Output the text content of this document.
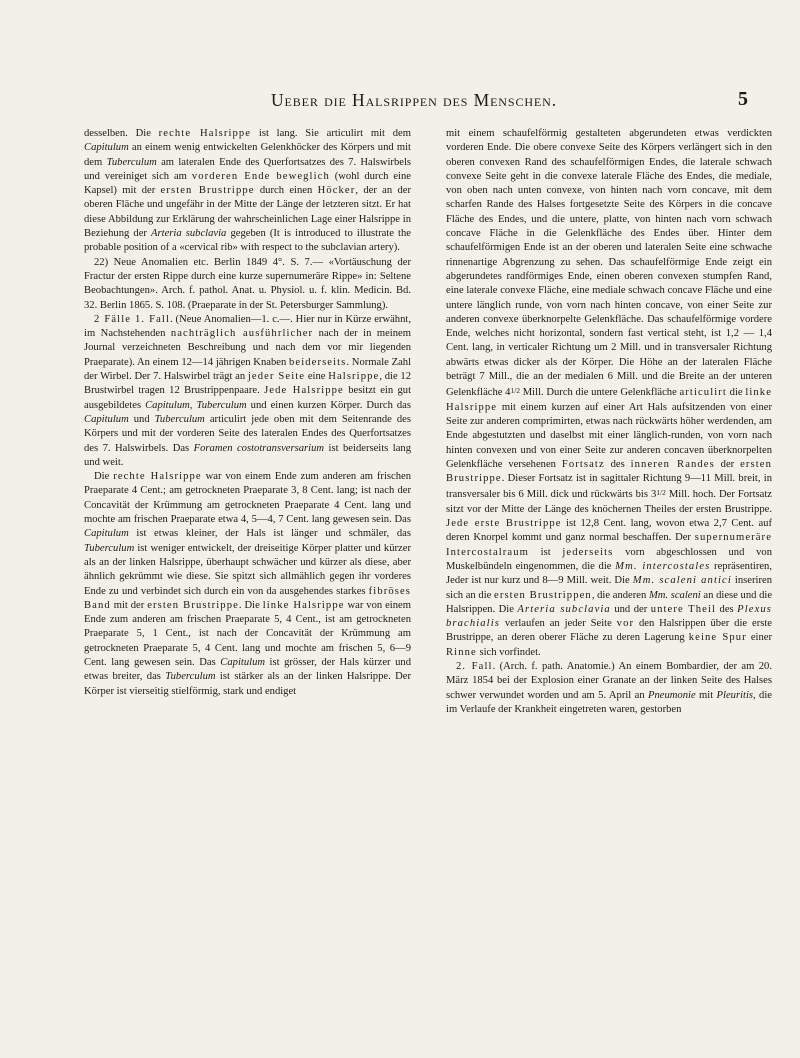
Ueber die Halsrippen des Menschen.	5

desselben. Die rechte Halsrippe ist lang. Sie articulirt mit dem Capitulum an einem wenig entwickelten Gelenkhöcker des Körpers und mit dem Tuberculum am lateralen Ende des Querfortsatzes des 7. Halswirbels und vereiniget sich am vorderen Ende beweglich (wohl durch eine Kapsel) mit der ersten Brustrippe durch einen Höcker, der an der oberen Fläche und ungefähr in der Mitte der Länge der letzteren sitzt. Er hat diese Abbildung zur Erklärung der wahrscheinlichen Lage einer Halsrippe in Beziehung der Arteria subclavia gegeben (It is introduced to illustrate the probable position of a «cervical rib» with respect to the subclavian artery).

22) Neue Anomalien etc. Berlin 1849 4°. S. 7.— «Vortäuschung der Fractur der ersten Rippe durch eine kurze supernumeräre Rippe» in: Seltene Beobachtungen». Arch. f. pathol. Anat. u. Physiol. u. f. klin. Medicin. Bd. 32. Berlin 1865. S. 108. (Praeparate in der St. Petersburger Sammlung).

2 Fälle 1. Fall. (Neue Anomalien—1. c.—. Hier nur in Kürze erwähnt, im Nachstehenden nachträglich ausführlicher nach der in meinem Journal verzeichneten Beschreibung und nach dem vor mir liegenden Praeparate). An einem 12—14 jährigen Knaben beiderseits. Normale Zahl der Wirbel. Der 7. Halswirbel trägt an jeder Seite eine Halsrippe, die 12 Brustwirbel tragen 12 Brustrippenpaare. Jede Halsrippe besitzt ein gut ausgebildetes Capitulum, Tuberculum und einen kurzen Körper. Durch das Capitulum und Tuberculum articulirt jede oben mit dem Seitenrande des Körpers und mit der vorderen Seite des lateralen Endes des Querfortsatzes des 7. Halswirbels. Das Foramen costotransversarium ist beiderseits lang und weit.

Die rechte Halsrippe war von einem Ende zum anderen am frischen Praeparate 4 Cent.; am getrockneten Praeparate 3, 8 Cent. lang; ist nach der Concavität der Krümmung am getrockneten Praeparate 4 Cent. lang und mochte am frischen Praeparate etwa 4, 5—4, 7 Cent. lang gewesen sein. Das Capitulum ist etwas kleiner, der Hals ist länger und schmäler, das Tuberculum ist weniger entwickelt, der dreiseitige Körper platter und kürzer als an der linken Halsrippe, überhaupt schwächer und kürzer als diese, aber ähnlich gekrümmt wie diese. Sie spitzt sich allmählich gegen ihr vorderes Ende zu und verbindet sich durch ein von da ausgehendes starkes fibröses Band mit der ersten Brustrippe. Die linke Halsrippe war von einem Ende zum anderen am frischen Praeparate 5, 4 Cent., ist am getrockneten Praeparate 5, 1 Cent., ist nach der Concavität der Krümmung am getrockneten Praeparate 5, 4 Cent. lang und mochte am frischen 5, 6—9 Cent. lang gewesen sein. Das Capitulum ist grösser, der Hals kürzer und etwas breiter, das Tuberculum ist stärker als an der linken Halsrippe. Der Körper ist vierseitig stielförmig, stark und endiget

mit einem schaufelförmig gestalteten abgerundeten etwas verdickten vorderen Ende. Die obere convexe Seite des Körpers verlängert sich in den oberen convexen Rand des schaufelförmigen Endes, die laterale schwach convexe Seite geht in die convexe laterale Fläche des Endes, die mediale, von oben nach unten convexe, von hinten nach vorn concave, mit dem scharfen Rande des Halses fortgesetzte Seite des Körpers in die concave Fläche des Endes, und die untere, platte, von hinten nach vorn schwach concave Fläche in die Gelenkfläche des Endes über. Hinter dem schaufelförmigen Ende ist an der oberen und lateralen Seite eine schwache rinnenartige Abgrenzung zu sehen. Das schaufelförmige Ende zeigt ein abgerundetes randförmiges Ende, einen oberen convexen stumpfen Rand, eine laterale convexe Fläche, eine mediale schwach concave Fläche und eine untere länglich runde, von vorn nach hinten concave, von einer Seite zur anderen convexe überknorpelte Gelenkfläche. Das schaufelförmige vordere Ende, welches nicht horizontal, sondern fast vertical steht, ist 1,2 — 1,4 Cent. lang, in verticaler Richtung um 2 Mill. und in transversaler Richtung abwärts etwas dicker als der Körper. Die Höhe an der lateralen Fläche beträgt 7 Mill., die an der medialen 6 Mill. und die Breite an der unteren Gelenkfläche 41/2 Mill. Durch die untere Gelenkfläche articulirt die linke Halsrippe mit einem kurzen auf einer Art Hals aufsitzenden von einer Seite zur anderen comprimirten, etwas nach rückwärts höher werdenden, am Ende abgestutzten und daselbst mit einer länglich-runden, von vorn nach hinten convexen und von einer Seite zur anderen concaven überknorpelten Gelenkfläche versehenen Fortsatz des inneren Randes der ersten Brustrippe. Dieser Fortsatz ist in sagittaler Richtung 9—11 Mill. breit, in transversaler bis 6 Mill. dick und rückwärts bis 31/2 Mill. hoch. Der Fortsatz sitzt vor der Mitte der Länge des knöchernen Theiles der ersten Brustrippe. Jede erste Brustrippe ist 12,8 Cent. lang, wovon etwa 2,7 Cent. auf deren Knorpel kommt und ganz normal beschaffen. Der supernumeräre Intercostalraum ist jederseits vorn abgeschlossen und von Muskelbündeln eingenommen, die die Mm. intercostales repräsentiren, Jeder ist nur kurz und 8—9 Mill. weit. Die Mm. scaleni antici inseriren sich an die ersten Brustrippen, die anderen Mm. scaleni an diese und die Halsrippen. Die Arteria subclavia und der untere Theil des Plexus brachialis verlaufen an jeder Seite vor den Halsrippen über die erste Brustrippe, an deren oberer Fläche zu deren Lagerung keine Spur einer Rinne sich vorfindet.

2. Fall. (Arch. f. path. Anatomie.) An einem Bombardier, der am 20. März 1854 bei der Explosion einer Granate an der linken Seite des Halses schwer verwundet worden und am 5. April an Pneumonie mit Pleuritis, die im Verlaufe der Krankheit eingetreten waren, gestorben
